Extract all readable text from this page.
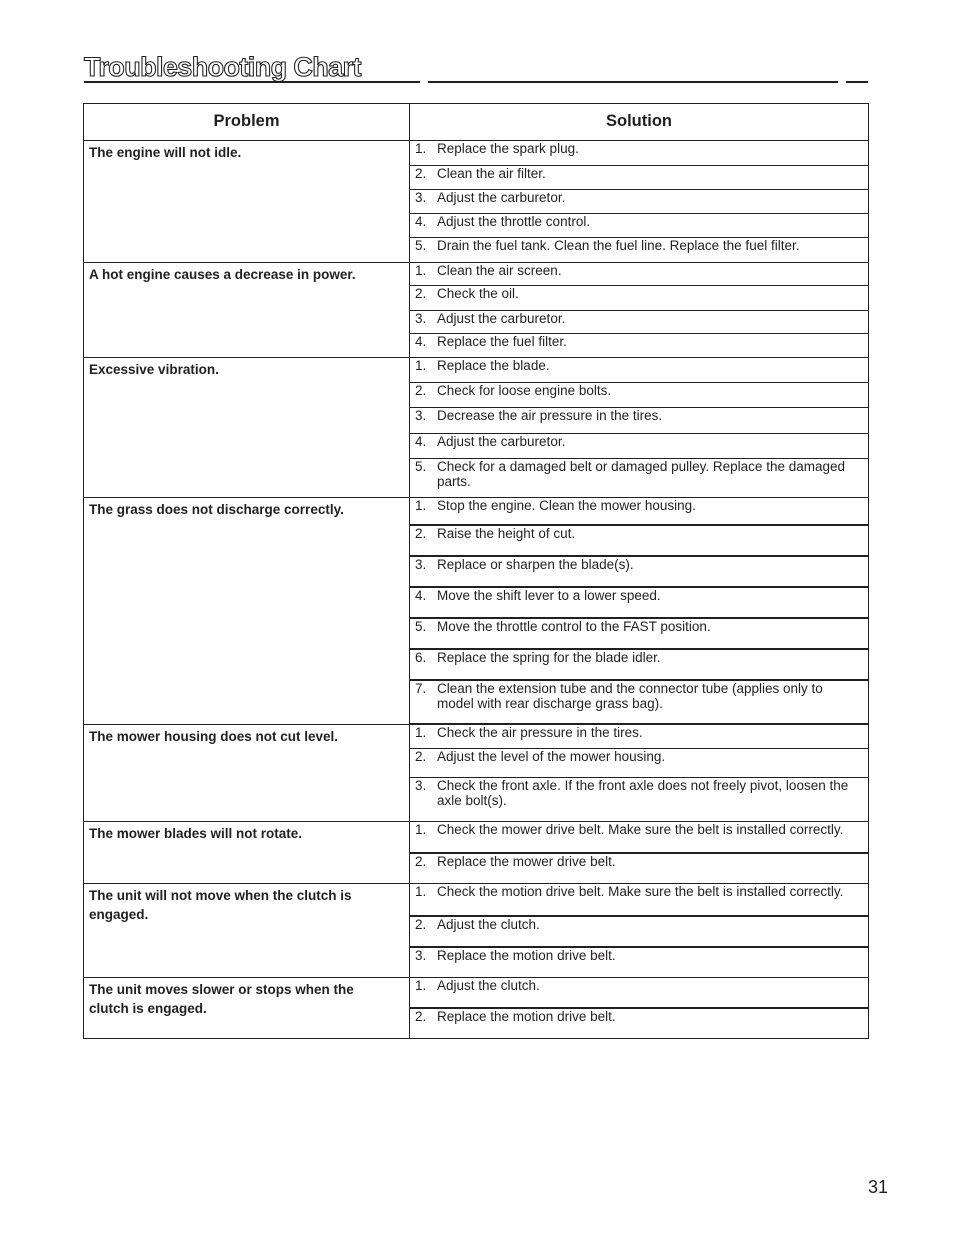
Troubleshooting Chart
Problem	Solution
The engine will not idle.	1. Replace the spark plug.

	2. Clean the air filter.

	3. Adjust the carburetor.

	4. Adjust the throttle control.

	5. Drain the fuel tank. Clean the fuel line. Replace the fuel filter.

A hot engine causes a decrease in power.	1. Clean the air screen.

	2. Check the oil.

	3. Adjust the carburetor.

	4. Replace the fuel filter.

Excessive vibration.	1. Replace the blade.

	2. Check for loose engine bolts.

	3. Decrease the air pressure in the tires.

	4. Adjust the carburetor.

	5. Check for a damaged belt or damaged pulley. Replace the damaged parts.

The grass does not discharge correctly.	1. Stop the engine. Clean the mower housing.

	2. Raise the height of cut.

	3. Replace or sharpen the blade(s).

	4. Move the shift lever to a lower speed.

	5. Move the throttle control to the FAST position.

	6. Replace the spring for the blade idler.

	7. Clean the extension tube and the connector tube (applies only to model with rear discharge grass bag).

The mower housing does not cut level.	1. Check the air pressure in the tires.

	2. Adjust the level of the mower housing.

	3. Check the front axle. If the front axle does not freely pivot, loosen the axle bolt(s).

The mower blades will not rotate.	1. Check the mower drive belt. Make sure the belt is installed correctly.

	2. Replace the mower drive belt.

The unit will not move when the clutch is engaged.	1. Check the motion drive belt. Make sure the belt is installed correctly.

	2. Adjust the clutch.

	3. Replace the motion drive belt.

The unit moves slower or stops when the clutch is engaged.	1. Adjust the clutch.

	2. Replace the motion drive belt.
31
